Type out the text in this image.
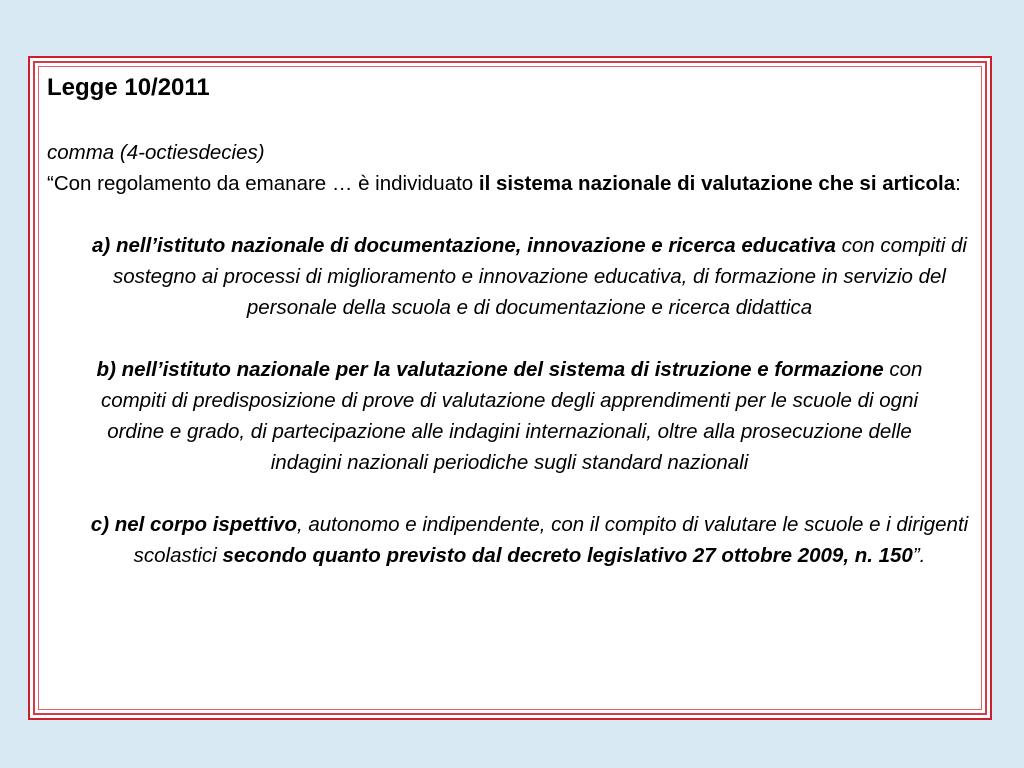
Legge 10/2011

comma (4-octiesdecies)

“Con regolamento da emanare … è individuato il sistema nazionale di valutazione che si articola:

a) nell’istituto nazionale di documentazione, innovazione e ricerca educativa con compiti di sostegno ai processi di miglioramento e innovazione educativa, di formazione in servizio del personale della scuola e di documentazione e ricerca didattica

b) nell’istituto nazionale per la valutazione del sistema di istruzione e formazione con compiti di predisposizione di prove di valutazione degli apprendimenti per le scuole di ogni ordine e grado, di partecipazione alle indagini internazionali, oltre alla prosecuzione delle indagini nazionali periodiche sugli standard nazionali

c) nel corpo ispettivo, autonomo e indipendente, con il compito di valutare le scuole e i dirigenti scolastici secondo quanto previsto dal decreto legislativo 27 ottobre 2009, n. 150”.
